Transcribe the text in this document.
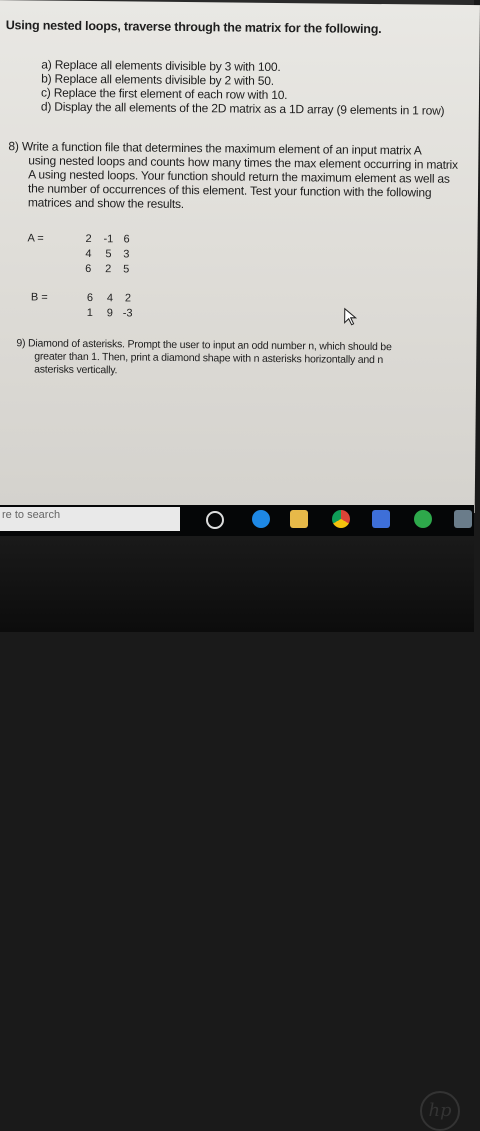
Using nested loops, traverse through the matrix for the following.
a) Replace all elements divisible by 3 with 100.
b) Replace all elements divisible by 2 with 50.
c) Replace the first element of each row with 10.
d) Display the all elements of the 2D matrix as a 1D array (9 elements in 1 row)
8) Write a function file that determines the maximum element of an input matrix A
using nested loops and counts how many times the max element occurring in matrix
A using nested loops. Your function should return the maximum element as well as
the number of occurrences of this element. Test your function with the following
matrices and show the results.
A =	2 -1 6
4 5 3
6 2 5
B =	6 4 2
1 9 -3
9) Diamond of asterisks. Prompt the user to input an odd number n, which should be
greater than 1. Then, print a diamond shape with n asterisks horizontally and n
asterisks vertically.
re to search
hp
